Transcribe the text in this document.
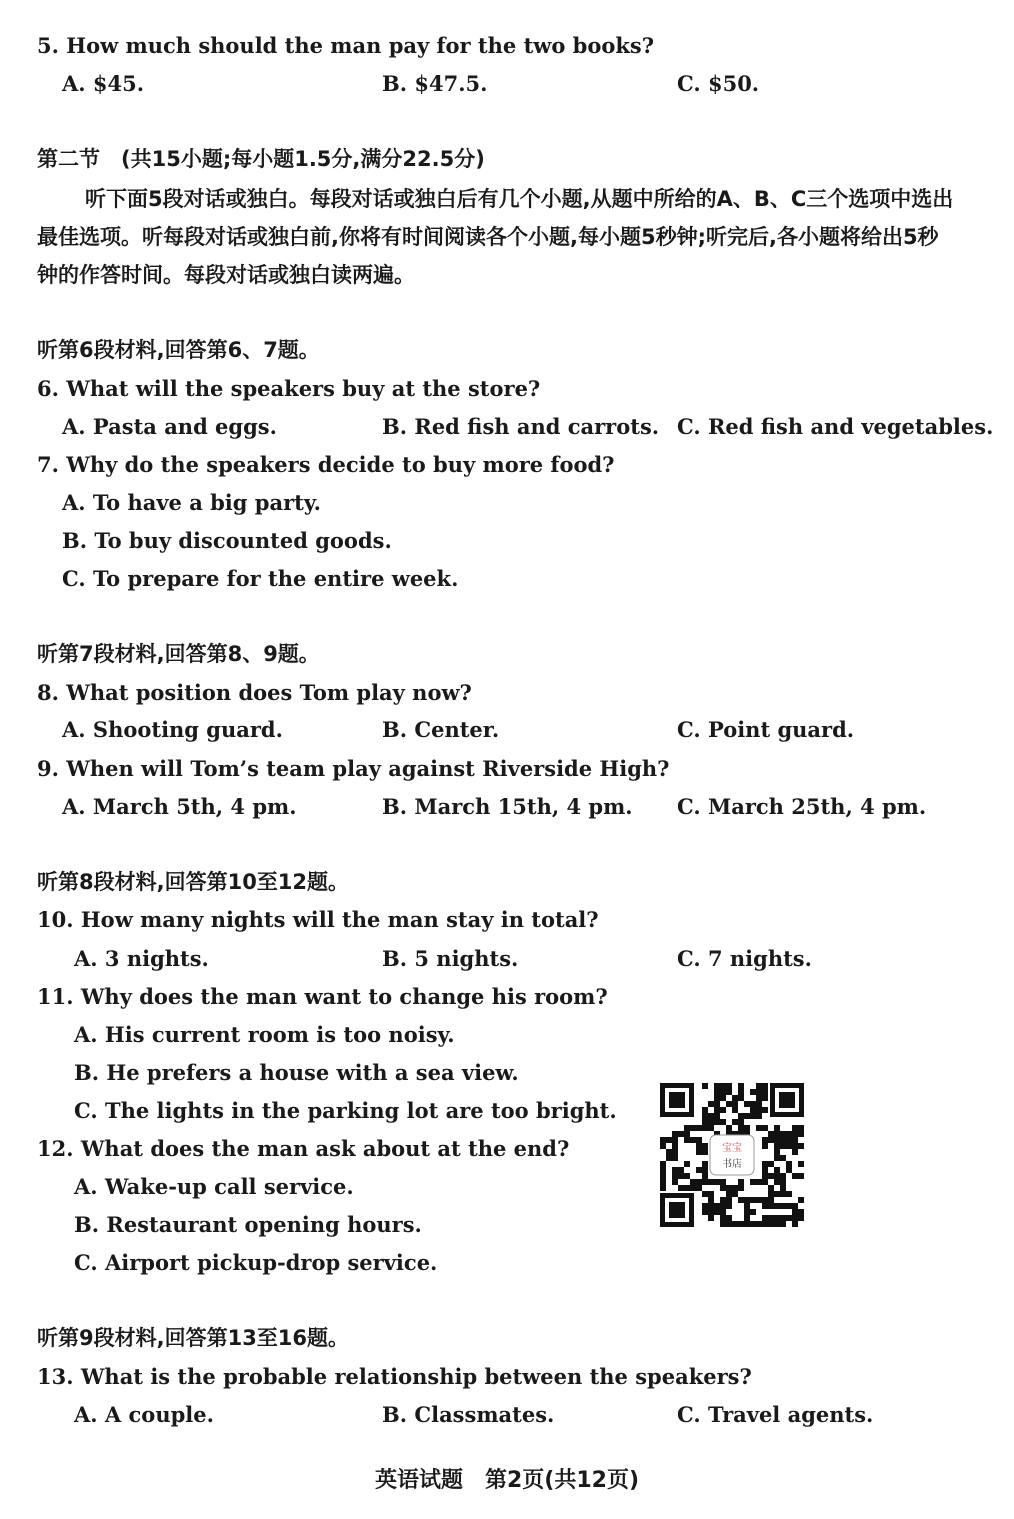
5. How much should the man pay for the two books?
A. $45.	B. $47.5.	C. $50.
第二节　(共15小题;每小题1.5分,满分22.5分)
听下面5段对话或独白。每段对话或独白后有几个小题,从题中所给的A、B、C三个选项中选出最佳选项。听每段对话或独白前,你将有时间阅读各个小题,每小题5秒钟;听完后,各小题将给出5秒钟的作答时间。每段对话或独白读两遍。
听第6段材料,回答第6、7题。
6. What will the speakers buy at the store?
A. Pasta and eggs.	B. Red fish and carrots. C. Red fish and vegetables.
7. Why do the speakers decide to buy more food?
A. To have a big party.
B. To buy discounted goods.
C. To prepare for the entire week.
听第7段材料,回答第8、9题。
8. What position does Tom play now?
A. Shooting guard.	B. Center.	C. Point guard.
9. When will Tom’s team play against Riverside High?
A. March 5th, 4 pm.	B. March 15th, 4 pm. C. March 25th, 4 pm.
听第8段材料,回答第10至12题。
10. How many nights will the man stay in total?
A. 3 nights.	B. 5 nights.	C. 7 nights.
11. Why does the man want to change his room?
A. His current room is too noisy.
B. He prefers a house with a sea view.
C. The lights in the parking lot are too bright.
12. What does the man ask about at the end?
A. Wake-up call service.
B. Restaurant opening hours.
C. Airport pickup-drop service.
宝宝
书店
听第9段材料,回答第13至16题。
13. What is the probable relationship between the speakers?
A. A couple.	B. Classmates.	C. Travel agents.
英语试题　第2页(共12页)
